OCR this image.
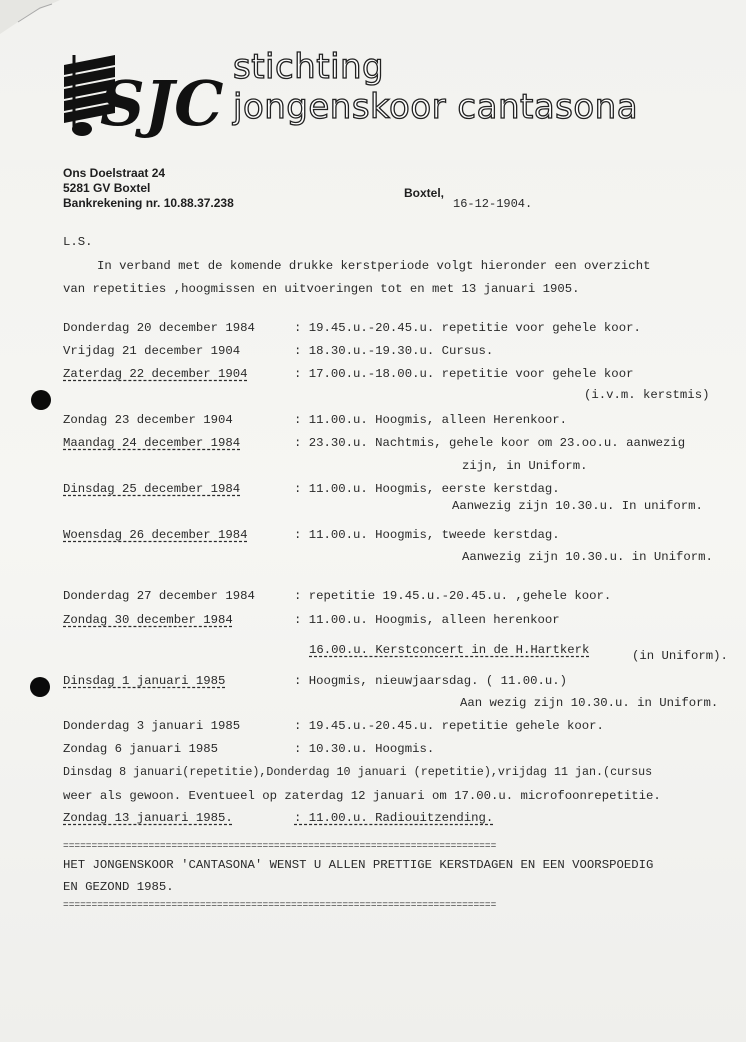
SJC stichting
jongenskoor cantasona
Ons Doelstraat 24
5281 GV Boxtel
Bankrekening nr. 10.88.37.238
Boxtel,
16-12-1904.
L.S.
In verband met de komende drukke kerstperiode volgt hieronder een overzicht
van repetities ,hoogmissen en uitvoeringen tot en met 13 januari 1905.
Donderdag 20 december 1984	: 19.45.u.-20.45.u. repetitie voor gehele koor.
Vrijdag 21 december 1904	: 18.30.u.-19.30.u. Cursus.
Zaterdag 22 december 1904	: 17.00.u.-18.00.u. repetitie voor gehele koor
(i.v.m. kerstmis)
Zondag 23 december 1904	: 11.00.u. Hoogmis, alleen Herenkoor.
Maandag 24 december 1984	: 23.30.u. Nachtmis, gehele koor om 23.oo.u. aanwezig
zijn, in Uniform.
Dinsdag 25 december 1984	: 11.00.u. Hoogmis, eerste kerstdag.
Aanwezig zijn 10.30.u. In uniform.
Woensdag 26 december 1984	: 11.00.u. Hoogmis, tweede kerstdag.
Aanwezig zijn 10.30.u. in Uniform.
Donderdag 27 december 1984	: repetitie 19.45.u.-20.45.u. ,gehele koor.
Zondag 30 december 1984	: 11.00.u. Hoogmis, alleen herenkoor
16.00.u. Kerstconcert in de H.Hartkerk	(in Uniform).
Dinsdag 1 januari 1985	: Hoogmis, nieuwjaarsdag. ( 11.00.u.)
Aan wezig zijn 10.30.u. in Uniform.
Donderdag 3 januari 1985	: 19.45.u.-20.45.u. repetitie gehele koor.
Zondag 6 januari 1985	: 10.30.u. Hoogmis.
Dinsdag 8 januari(repetitie),Donderdag 10 januari (repetitie),vrijdag 11 jan.(cursus
weer als gewoon. Eventueel op zaterdag 12 januari om 17.00.u. microfoonrepetitie.
Zondag 13 januari 1985.	: 11.00.u. Radiouitzending.
============================================================================
HET JONGENSKOOR 'CANTASONA' WENST U ALLEN PRETTIGE KERSTDAGEN EN EEN VOORSPOEDIG
EN GEZOND 1985.
============================================================================
